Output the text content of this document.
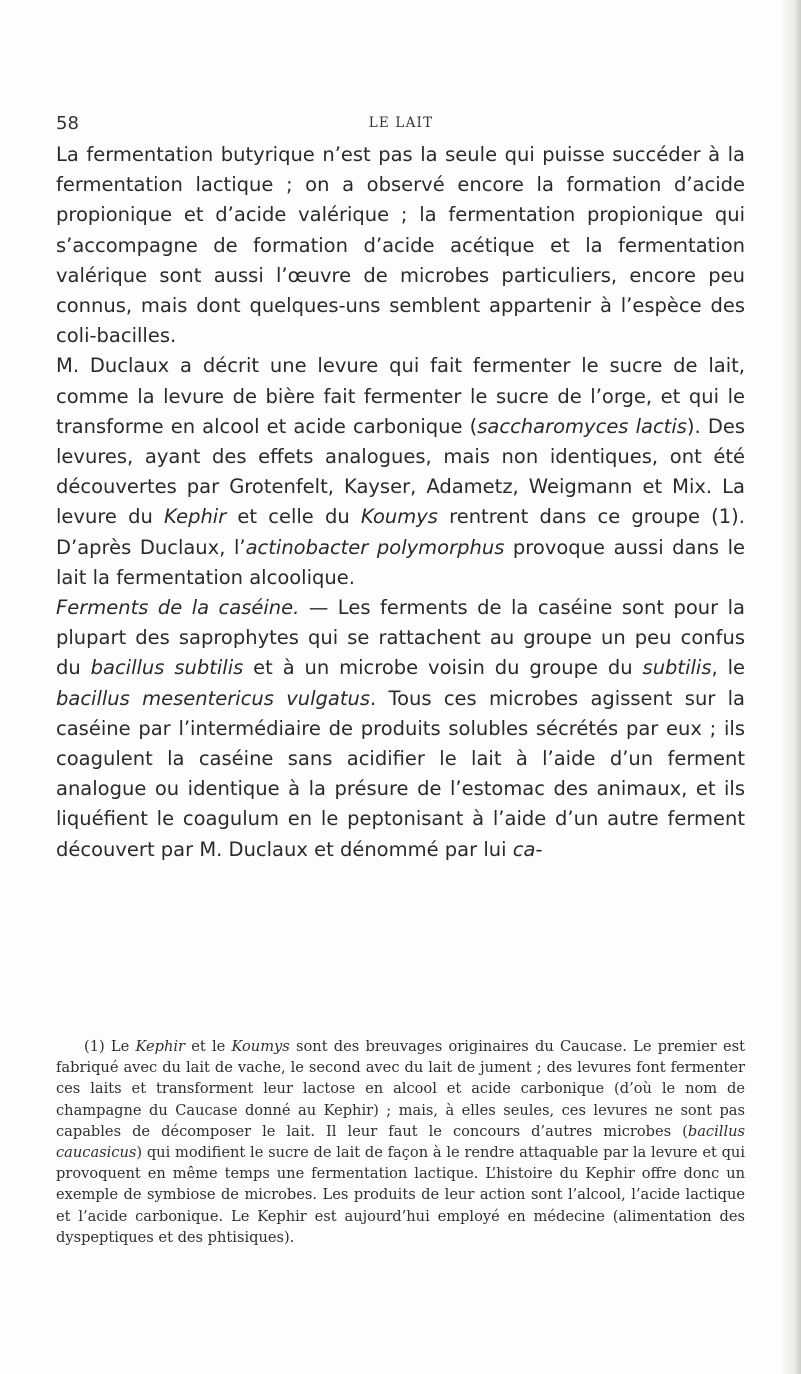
58	LE LAIT

La fermentation butyrique n’est pas la seule qui puisse succéder à la fermentation lactique ; on a observé encore la formation d’acide propionique et d’acide valérique ; la fermentation propionique qui s’accompagne de formation d’acide acétique et la fermentation valérique sont aussi l’œuvre de microbes particuliers, encore peu connus, mais dont quelques-uns semblent appartenir à l’espèce des coli-bacilles.

M. Duclaux a décrit une levure qui fait fermenter le sucre de lait, comme la levure de bière fait fermenter le sucre de l’orge, et qui le transforme en alcool et acide carbonique (saccharomyces lactis). Des levures, ayant des effets analogues, mais non identiques, ont été découvertes par Grotenfelt, Kayser, Adametz, Weigmann et Mix. La levure du Kephir et celle du Koumys rentrent dans ce groupe (1). D’après Duclaux, l’actinobacter polymorphus provoque aussi dans le lait la fermentation alcoolique.

Ferments de la caséine. — Les ferments de la caséine sont pour la plupart des saprophytes qui se rattachent au groupe un peu confus du bacillus subtilis et à un microbe voisin du groupe du subtilis, le bacillus mesentericus vulgatus. Tous ces microbes agissent sur la caséine par l’intermédiaire de produits solubles sécrétés par eux ; ils coagulent la caséine sans acidifier le lait à l’aide d’un ferment analogue ou identique à la présure de l’estomac des animaux, et ils liquéfient le coagulum en le peptonisant à l’aide d’un autre ferment découvert par M. Duclaux et dénommé par lui ca-

(1) Le Kephir et le Koumys sont des breuvages originaires du Caucase. Le premier est fabriqué avec du lait de vache, le second avec du lait de jument ; des levures font fermenter ces laits et transforment leur lactose en alcool et acide carbonique (d’où le nom de champagne du Caucase donné au Kephir) ; mais, à elles seules, ces levures ne sont pas capables de décomposer le lait. Il leur faut le concours d’autres microbes (bacillus caucasicus) qui modifient le sucre de lait de façon à le rendre attaquable par la levure et qui provoquent en même temps une fermentation lactique. L’histoire du Kephir offre donc un exemple de symbiose de microbes. Les produits de leur action sont l’alcool, l’acide lactique et l’acide carbonique. Le Kephir est aujourd’hui employé en médecine (alimentation des dyspeptiques et des phtisiques).
